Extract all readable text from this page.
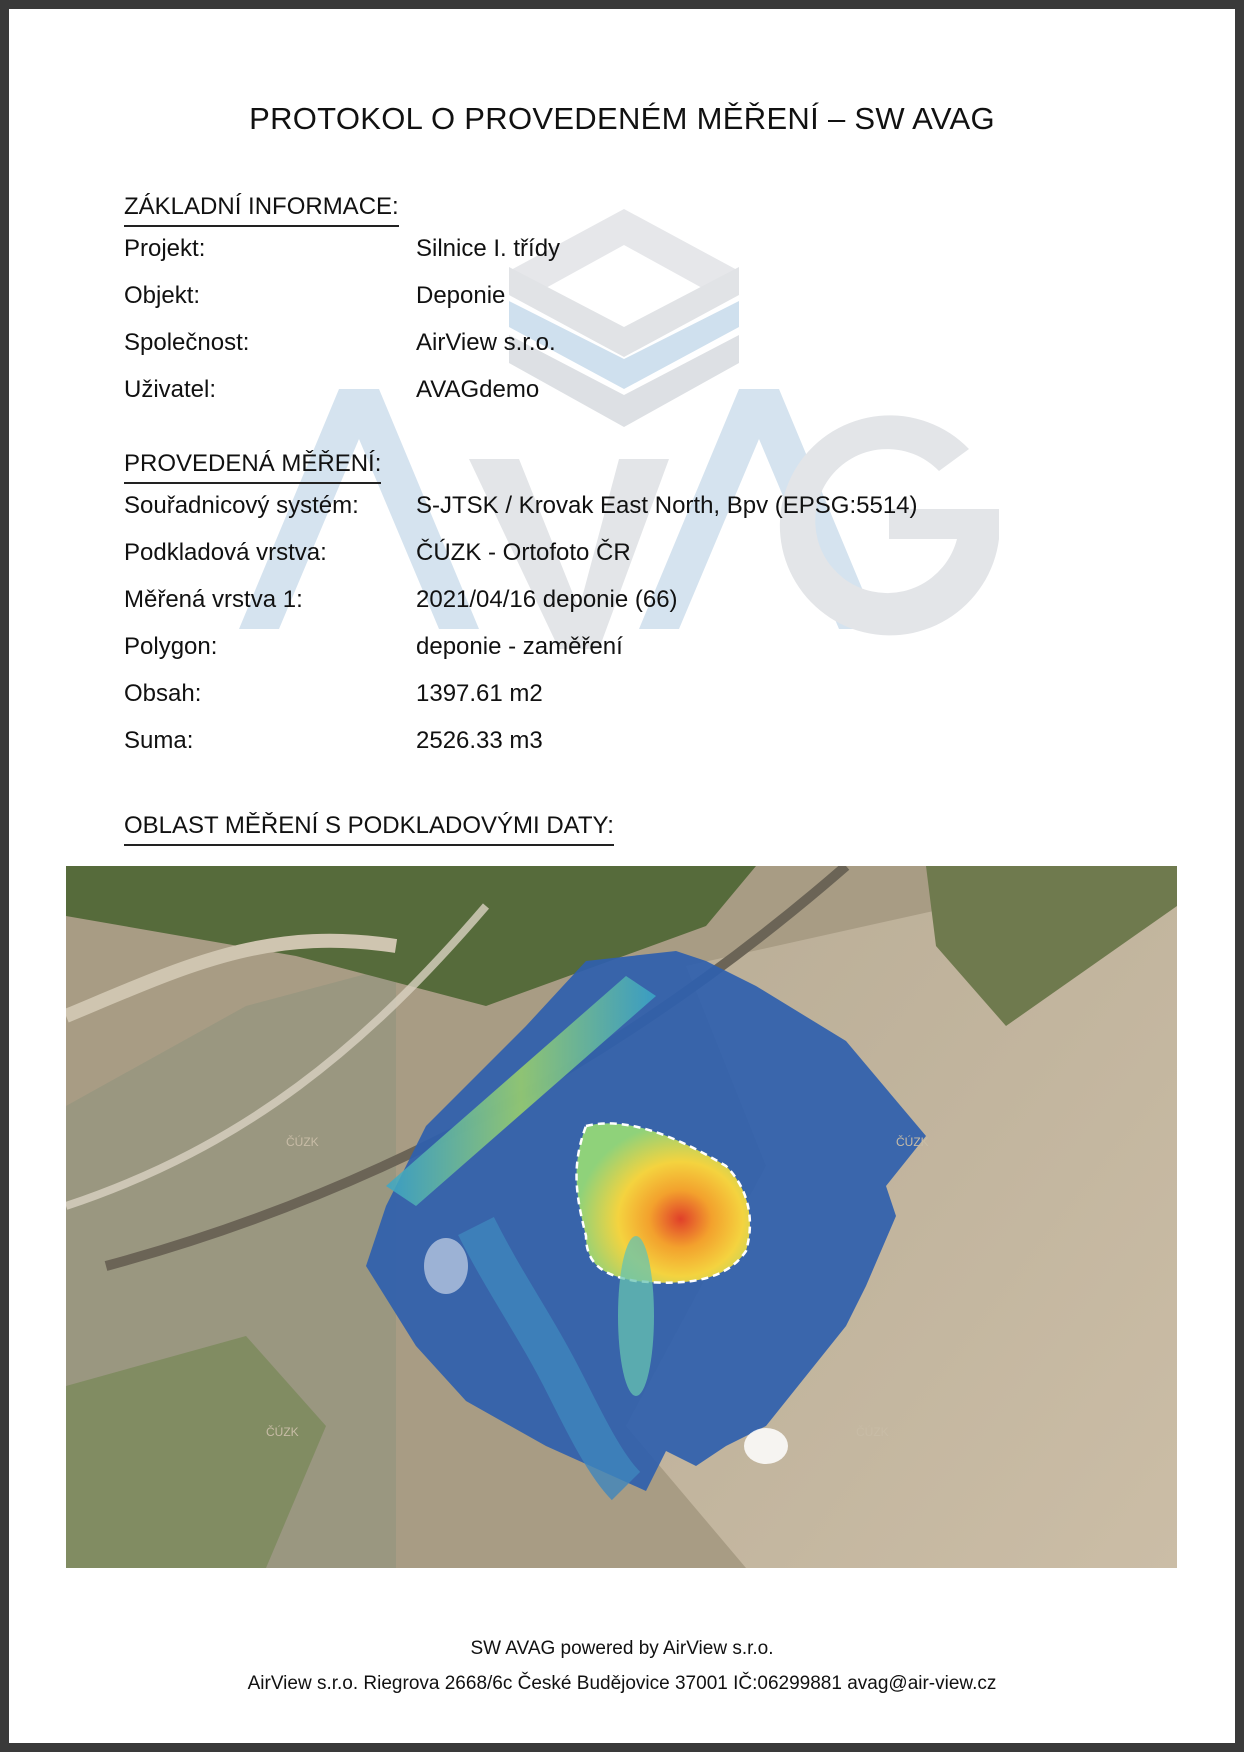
PROTOKOL O PROVEDENÉM MĚŘENÍ – SW AVAG
ZÁKLADNÍ INFORMACE:
Projekt:	Silnice I. třídy
Objekt:	Deponie
Společnost:	AirView s.r.o.
Uživatel:	AVAGdemo
PROVEDENÁ MĚŘENÍ:
Souřadnicový systém: S-JTSK / Krovak East North, Bpv (EPSG:5514)
Podkladová vrstva:	ČÚZK - Ortofoto ČR
Měřená vrstva 1:	2021/04/16 deponie (66)
Polygon:	deponie - zaměření
Obsah:	1397.61 m2
Suma:	2526.33 m3
OBLAST MĚŘENÍ S PODKLADOVÝMI DATY:
ČÚZK	ČÚZK
ČÚZK	ČÚZK
SW AVAG powered by AirView s.r.o.
AirView s.r.o. Riegrova 2668/6c České Budějovice 37001 IČ:06299881 avag@air-view.cz
